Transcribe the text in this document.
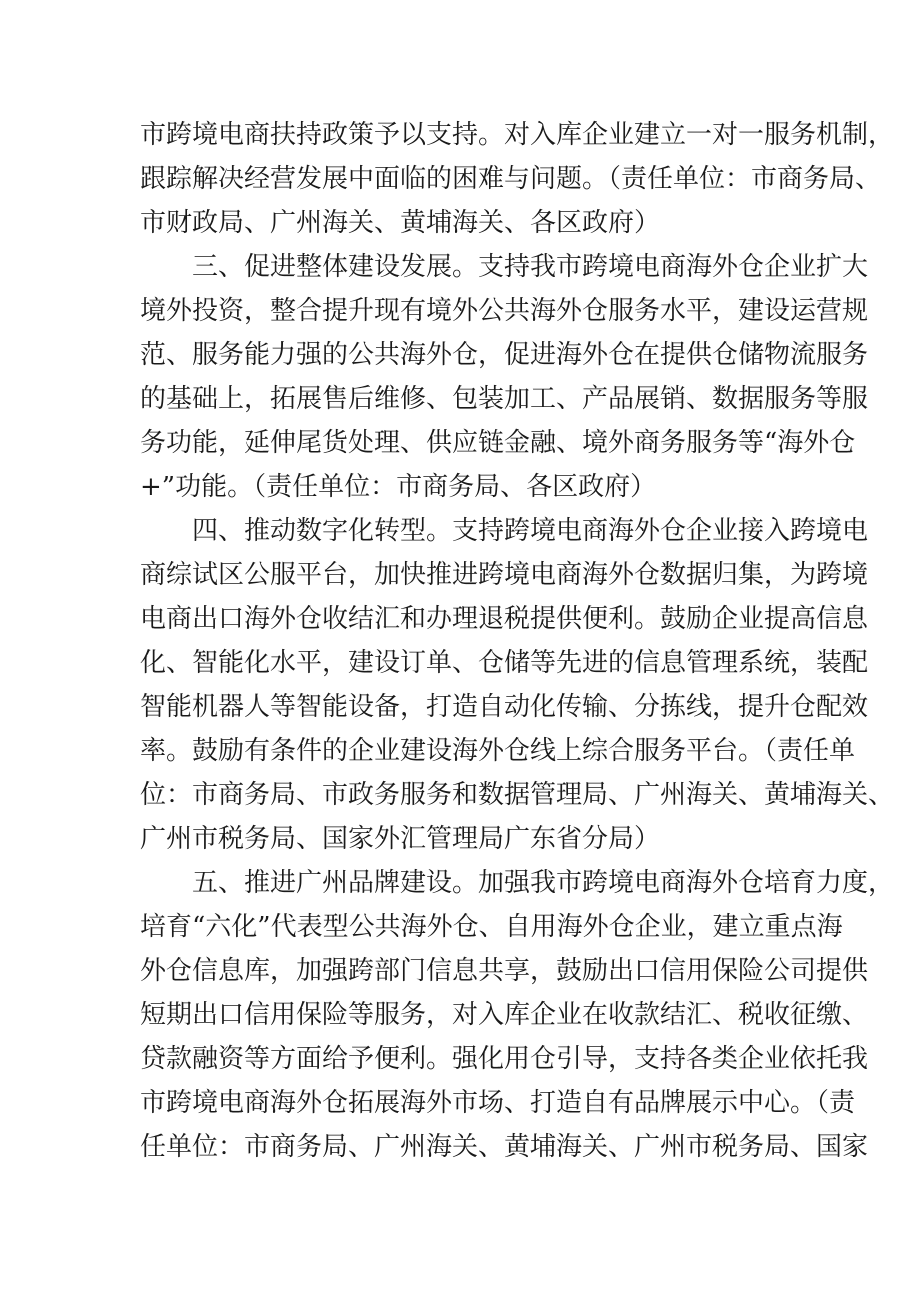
市跨境电商扶持政策予以支持。对入库企业建立一对一服务机制，
跟踪解决经营发展中面临的困难与问题。（责任单位：市商务局、
市财政局、广州海关、黄埔海关、各区政府）
三、促进整体建设发展。支持我市跨境电商海外仓企业扩大
境外投资，整合提升现有境外公共海外仓服务水平，建设运营规
范、服务能力强的公共海外仓，促进海外仓在提供仓储物流服务
的基础上，拓展售后维修、包装加工、产品展销、数据服务等服
务功能，延伸尾货处理、供应链金融、境外商务服务等“海外仓
+”功能。（责任单位：市商务局、各区政府）
四、推动数字化转型。支持跨境电商海外仓企业接入跨境电
商综试区公服平台，加快推进跨境电商海外仓数据归集，为跨境
电商出口海外仓收结汇和办理退税提供便利。鼓励企业提高信息
化、智能化水平，建设订单、仓储等先进的信息管理系统，装配
智能机器人等智能设备，打造自动化传输、分拣线，提升仓配效
率。鼓励有条件的企业建设海外仓线上综合服务平台。（责任单
位：市商务局、市政务服务和数据管理局、广州海关、黄埔海关、
广州市税务局、国家外汇管理局广东省分局）
五、推进广州品牌建设。加强我市跨境电商海外仓培育力度，
培育“六化”代表型公共海外仓、自用海外仓企业，建立重点海
外仓信息库，加强跨部门信息共享，鼓励出口信用保险公司提供
短期出口信用保险等服务，对入库企业在收款结汇、税收征缴、
贷款融资等方面给予便利。强化用仓引导，支持各类企业依托我
市跨境电商海外仓拓展海外市场、打造自有品牌展示中心。（责
任单位：市商务局、广州海关、黄埔海关、广州市税务局、国家
